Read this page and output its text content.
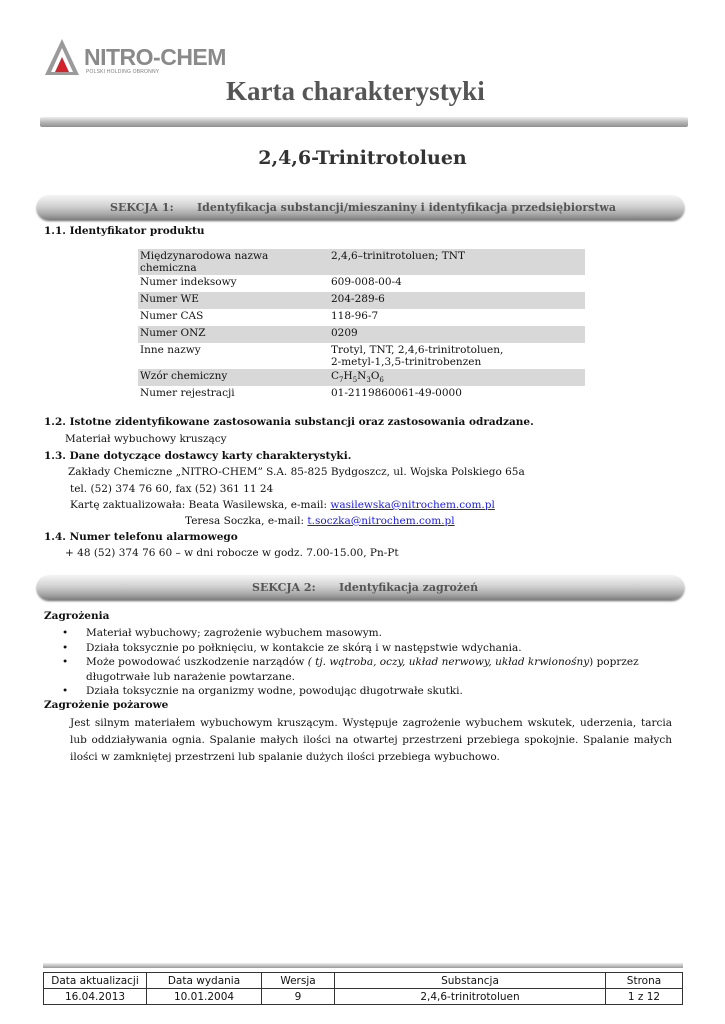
NITRO-CHEM
POLSKI HOLDING OBRONNY
Karta charakterystyki
2,4,6-Trinitrotoluen
SEKCJA 1: Identyfikacja substancji/mieszaniny i identyfikacja przedsiębiorstwa
1.1. Identyfikator produktu
Międzynarodowa nazwa chemiczna	2,4,6–trinitrotoluen; TNT
Numer indeksowy	609-008-00-4
Numer WE	204-289-6
Numer CAS	118-96-7
Numer ONZ	0209
Inne nazwy	Trotyl, TNT, 2,4,6-trinitrotoluen,
2-metyl-1,3,5-trinitrobenzen

Wzór chemiczny	$C_7H_5N_3O_6$
Numer rejestracji	01-2119860061-49-0000
1.2. Istotne zidentyfikowane zastosowania substancji oraz zastosowania odradzane.
Materiał wybuchowy kruszący
1.3. Dane dotyczące dostawcy karty charakterystyki.
Zakłady Chemiczne „NITRO-CHEM” S.A. 85-825 Bydgoszcz, ul. Wojska Polskiego 65a
tel. (52) 374 76 60, fax (52) 361 11 24
Kartę zaktualizowała: Beata Wasilewska, e-mail: wasilewska@nitrochem.com.pl
Teresa Soczka, e-mail: t.soczka@nitrochem.com.pl
1.4. Numer telefonu alarmowego
+ 48 (52) 374 76 60 – w dni robocze w godz. 7.00-15.00, Pn-Pt
SEKCJA 2: Identyfikacja zagrożeń
Zagrożenia
• Materiał wybuchowy; zagrożenie wybuchem masowym.
• Działa toksycznie po połknięciu, w kontakcie ze skórą i w następstwie wdychania.
• Może powodować uszkodzenie narządów ( tj. wątroba, oczy, układ nerwowy, układ krwionośny) poprzez długotrwałe lub narażenie powtarzane.
• Działa toksycznie na organizmy wodne, powodując długotrwałe skutki.
Zagrożenie pożarowe
Jest silnym materiałem wybuchowym kruszącym. Występuje zagrożenie wybuchem wskutek, uderzenia, tarcia lub oddziaływania ognia. Spalanie małych ilości na otwartej przestrzeni przebiega spokojnie. Spalanie małych ilości w zamkniętej przestrzeni lub spalanie dużych ilości przebiega wybuchowo.
Data aktualizacji	Data wydania	Wersja	Substancja	Strona
16.04.2013	10.01.2004	9	2,4,6-trinitrotoluen	1 z 12
